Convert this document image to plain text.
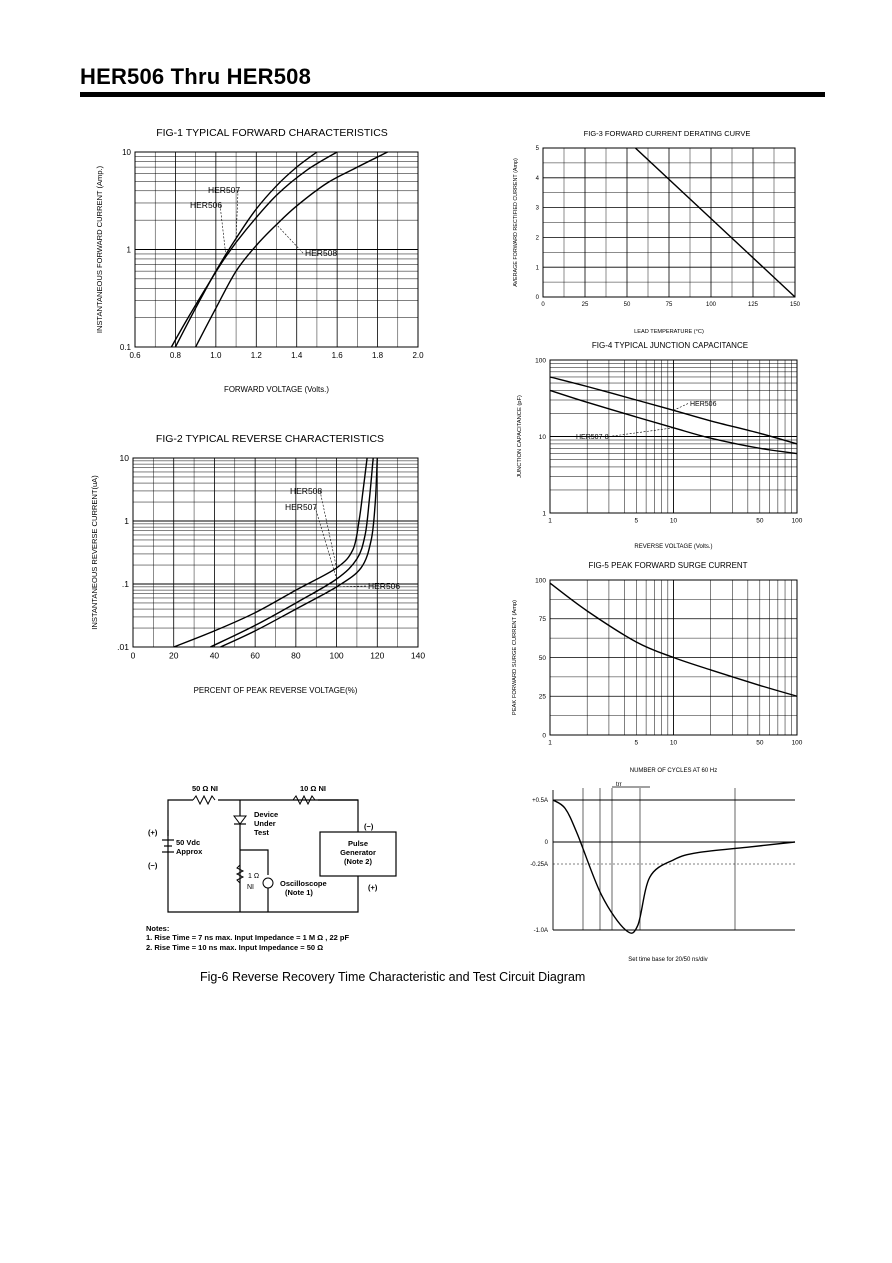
HER506 Thru HER508
0.6	0.8	1.0	1.2	1.4	1.6	1.8	2.0
0.1
1
10
FIG-1 TYPICAL FORWARD CHARACTERISTICS
FORWARD VOLTAGE (Volts.)
INSTANTANEOUS FORWARD CURRENT (Amp.)	HER507
HER506
HER508
0	20	40	60	80	100	120	140
.01
.1
1
10
FIG-2 TYPICAL REVERSE CHARACTERISTICS
PERCENT OF PEAK REVERSE VOLTAGE(%)
INSTANTANEOUS REVERSE CURRENT(uA)	HER508
HER507
HER506
0	25	50	75	100	125	150
0
1
2
3
4
5
FIG-3 FORWARD CURRENT DERATING CURVE
LEAD TEMPERATURE (°C)
AVERAGE FORWARD RECTIFIED CURRENT (Amp)
1	5	10	50	100
1
10
100
FIG-4 TYPICAL JUNCTION CAPACITANCE
REVERSE VOLTAGE (Volts.)
JUNCTION CAPACITANCE (pF)	HER506
HER507-8
1	5	10	50	100
0
25
50
75
100
FIG-5 PEAK FORWARD SURGE CURRENT
NUMBER OF CYCLES AT 60 Hz
PEAK FORWARD SURGE CURRENT (Amp)
+0.5A
0
-0.25A
-1.0A
trr
Set time base for 20/50 ns/div
50 Ω NI	10 Ω NI
Device
Under
Test
1 Ω
NI	Oscilloscope
(Note 1)
(+)
(−)
50 Vdc
Approx
Pulse
Generator
(Note 2)
(−)
(+)
Notes:
1. Rise Time = 7 ns max. Input Impedance = 1 M Ω , 22 pF
2. Rise Time = 10 ns max. Input Impedance = 50 Ω
Fig-6 Reverse Recovery Time Characteristic and Test Circuit Diagram
